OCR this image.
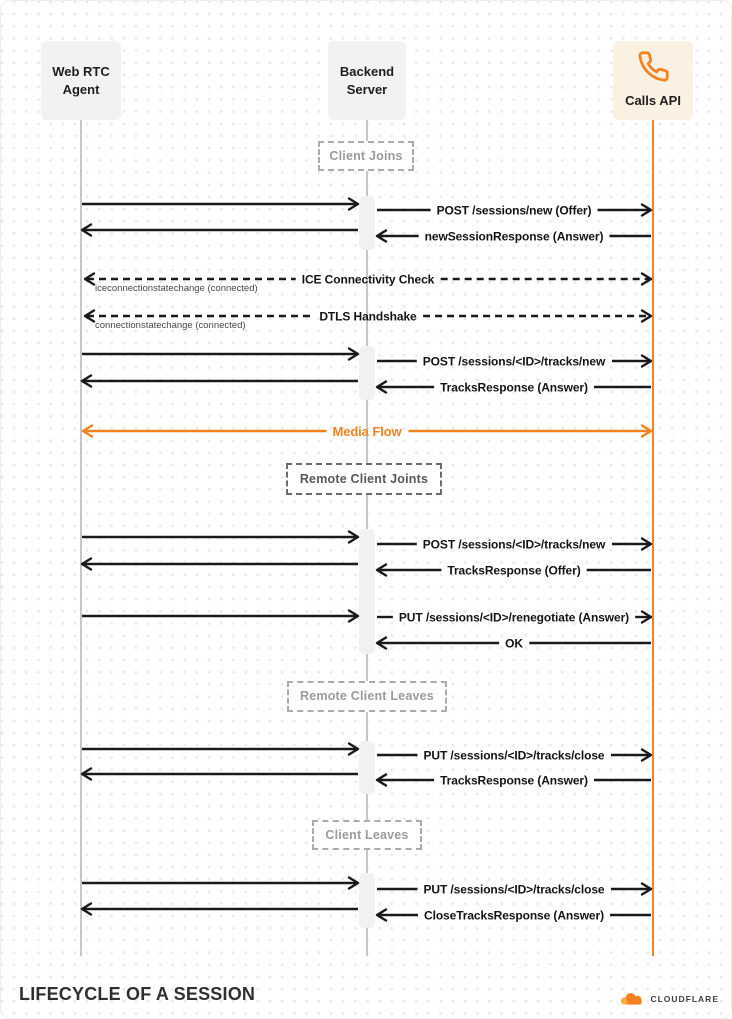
POST /sessions/new (Offer)
newSessionResponse (Answer)
ICE Connectivity Check
iceconnectionstatechange (connected)
DTLS Handshake
connectionstatechange (connected)
POST /sessions/<ID>/tracks/new
TracksResponse (Answer)
Media Flow
POST /sessions/<ID>/tracks/new
TracksResponse (Offer)
PUT /sessions/<ID>/renegotiate (Answer)
OK
PUT /sessions/<ID>/tracks/close
TracksResponse (Answer)
PUT /sessions/<ID>/tracks/close
CloseTracksResponse (Answer)
Web RTC
Agent
Backend
Server

Calls API
LIFECYCLE OF A SESSION	CLOUDFLARE
Client Joins
Remote Client Joints
Remote Client Leaves
Client Leaves
